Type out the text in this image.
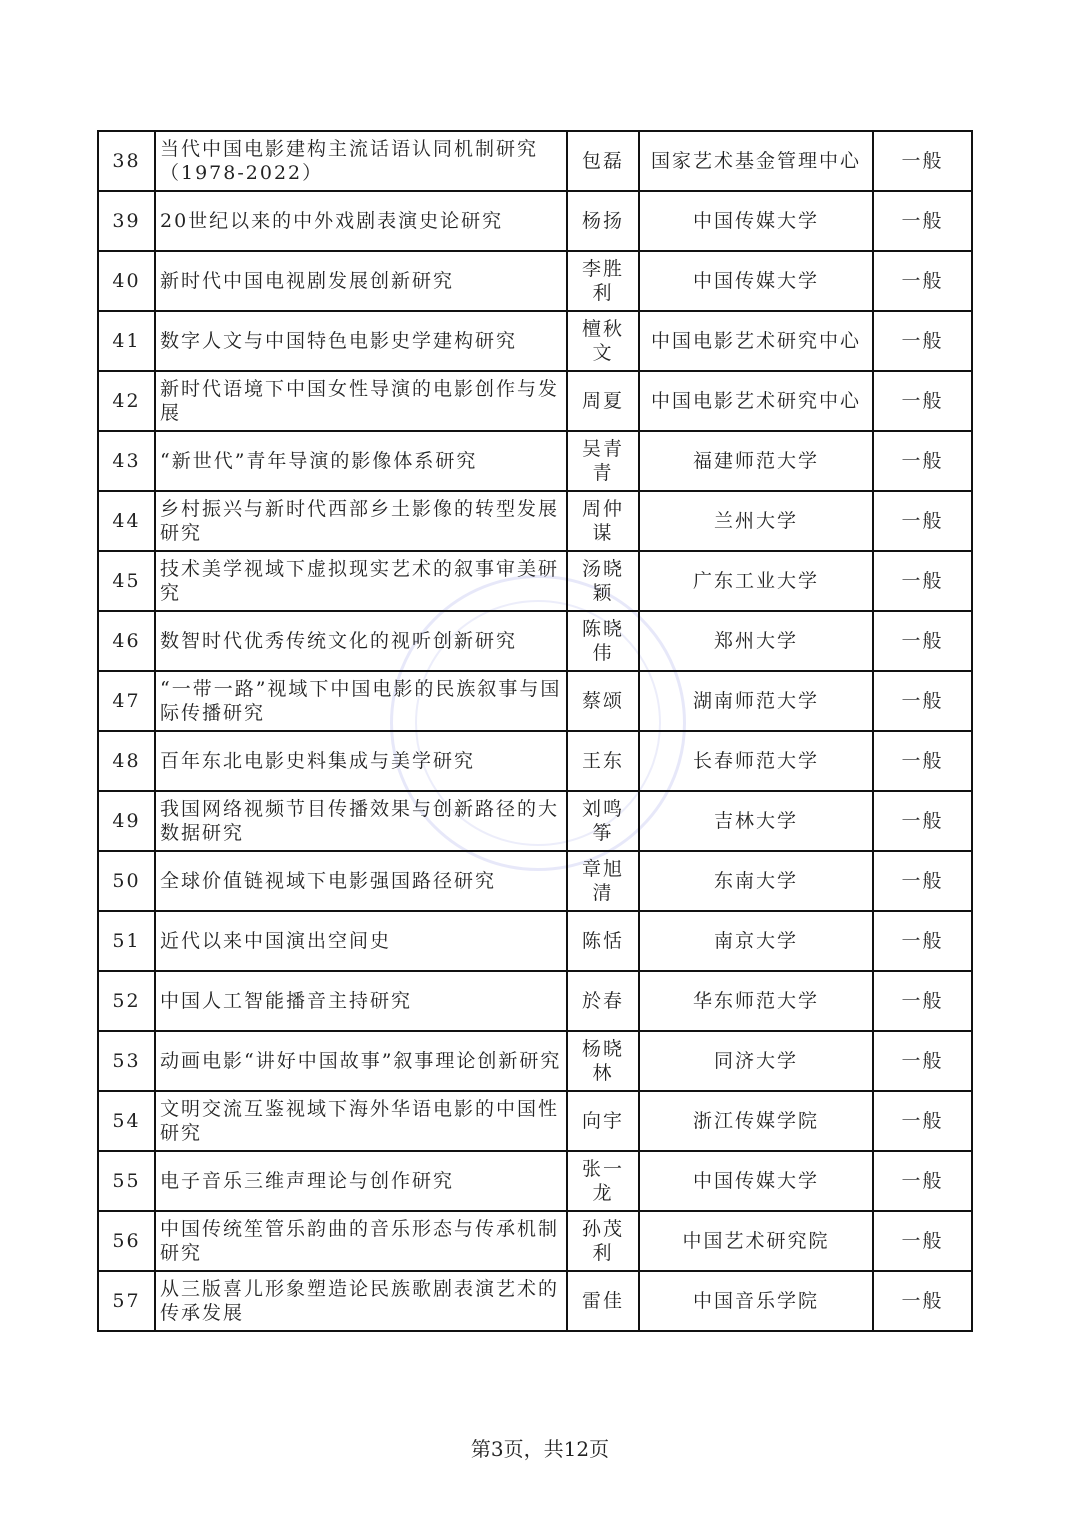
38	当代中国电影建构主流话语认同机制研究（1978-2022）	包磊	国家艺术基金管理中心	一般
39	20世纪以来的中外戏剧表演史论研究	杨扬	中国传媒大学	一般
40	新时代中国电视剧发展创新研究	李胜利	中国传媒大学	一般
41	数字人文与中国特色电影史学建构研究	檀秋文	中国电影艺术研究中心	一般
42	新时代语境下中国女性导演的电影创作与发展	周夏	中国电影艺术研究中心	一般
43	“新世代”青年导演的影像体系研究	吴青青	福建师范大学	一般
44	乡村振兴与新时代西部乡土影像的转型发展研究	周仲谋	兰州大学	一般
45	技术美学视域下虚拟现实艺术的叙事审美研究	汤晓颖	广东工业大学	一般
46	数智时代优秀传统文化的视听创新研究	陈晓伟	郑州大学	一般
47	“一带一路”视域下中国电影的民族叙事与国际传播研究	蔡颂	湖南师范大学	一般
48	百年东北电影史料集成与美学研究	王东	长春师范大学	一般
49	我国网络视频节目传播效果与创新路径的大数据研究	刘鸣筝	吉林大学	一般
50	全球价值链视域下电影强国路径研究	章旭清	东南大学	一般
51	近代以来中国演出空间史	陈恬	南京大学	一般
52	中国人工智能播音主持研究	於春	华东师范大学	一般
53	动画电影“讲好中国故事”叙事理论创新研究	杨晓林	同济大学	一般
54	文明交流互鉴视域下海外华语电影的中国性研究	向宇	浙江传媒学院	一般
55	电子音乐三维声理论与创作研究	张一龙	中国传媒大学	一般
56	中国传统笙管乐韵曲的音乐形态与传承机制研究	孙茂利	中国艺术研究院	一般
57	从三版喜儿形象塑造论民族歌剧表演艺术的传承发展	雷佳	中国音乐学院	一般
第3页，共12页
